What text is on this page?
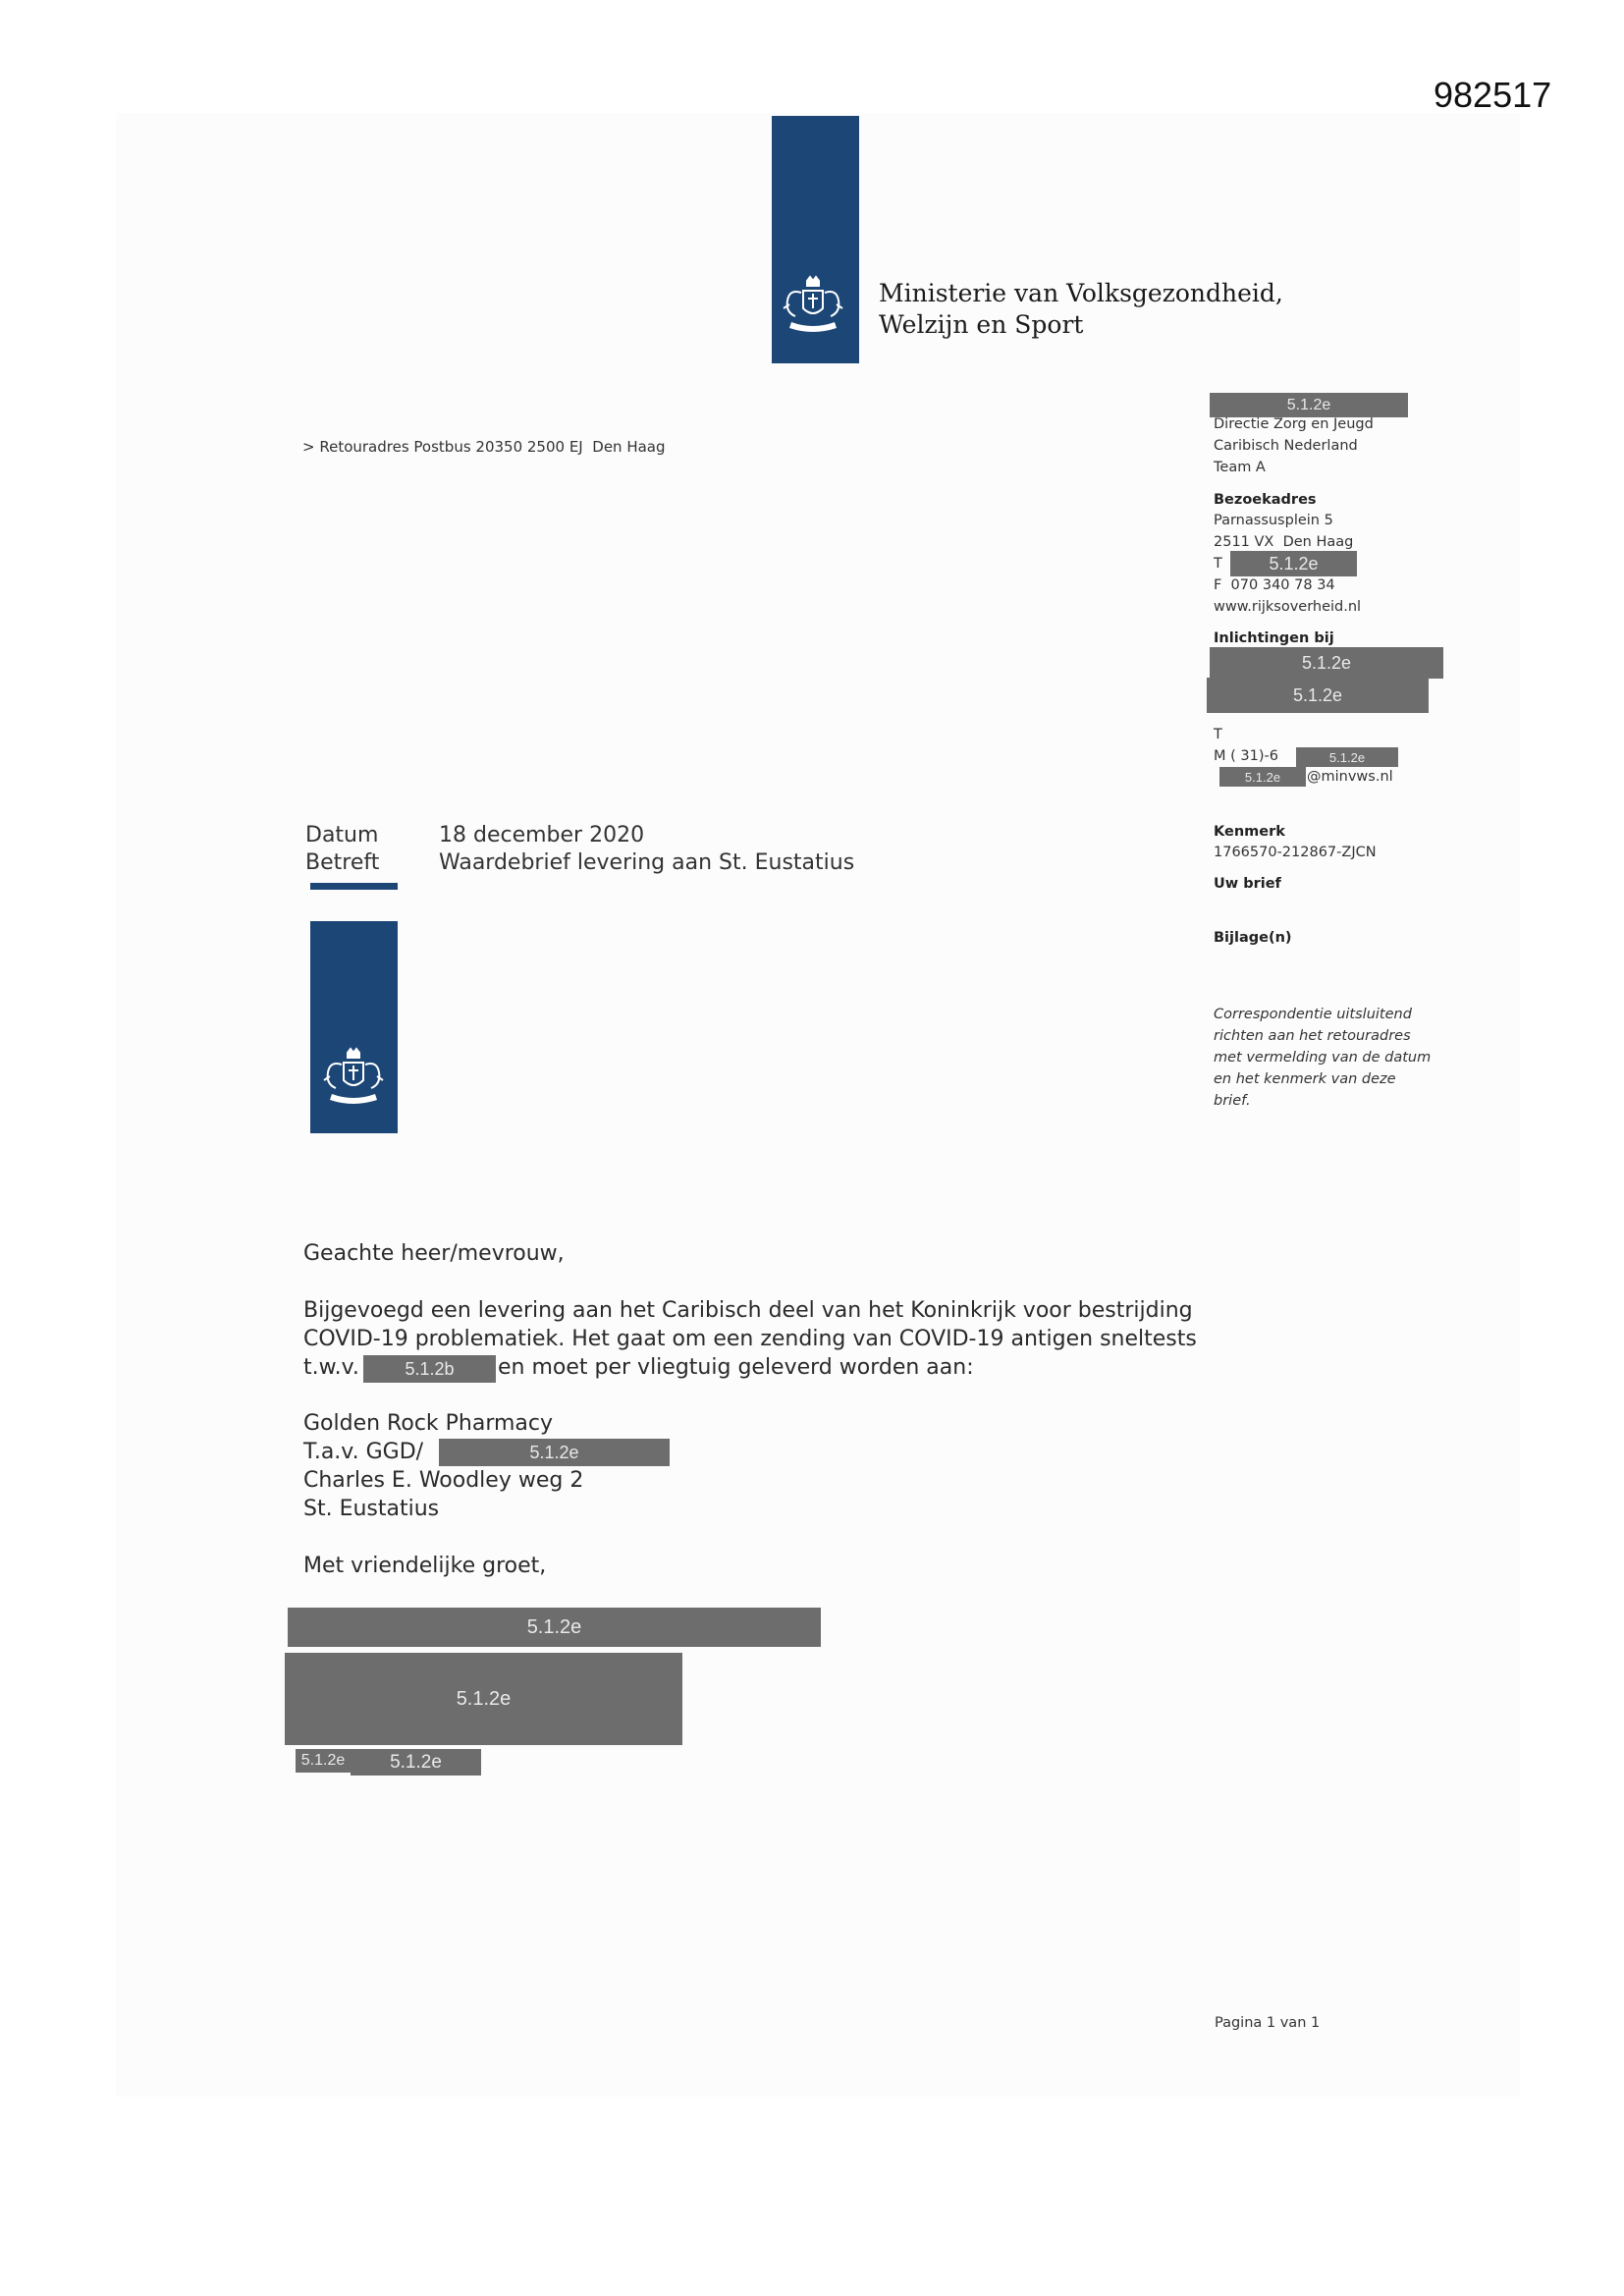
982517
Ministerie van Volksgezondheid,
Welzijn en Sport
> Retouradres Postbus 20350 2500 EJ  Den Haag
5.1.2e
Directie Zorg en Jeugd
Caribisch Nederland
Team A
Bezoekadres
Parnassusplein 5
2511 VX  Den Haag
T	5.1.2e
F  070 340 78 34
www.rijksoverheid.nl
Inlichtingen bij
5.1.2e
5.1.2e
T
M ( 31)-6	5.1.2e
5.1.2e	@minvws.nl
Kenmerk
1766570-212867-ZJCN
Uw brief
Bijlage(n)
Correspondentie uitsluitend
richten aan het retouradres
met vermelding van de datum
en het kenmerk van deze
brief.
Datum	18 december 2020
Betreft	Waardebrief levering aan St. Eustatius
Geachte heer/mevrouw,
Bijgevoegd een levering aan het Caribisch deel van het Koninkrijk voor bestrijding
COVID-19 problematiek. Het gaat om een zending van COVID-19 antigen sneltests
t.w.v.	5.1.2b	en moet per vliegtuig geleverd worden aan:
Golden Rock Pharmacy
T.a.v. GGD/	5.1.2e
Charles E. Woodley weg 2
St. Eustatius
Met vriendelijke groet,
5.1.2e
5.1.2e
5.1.2e	5.1.2e
Pagina 1 van 1
